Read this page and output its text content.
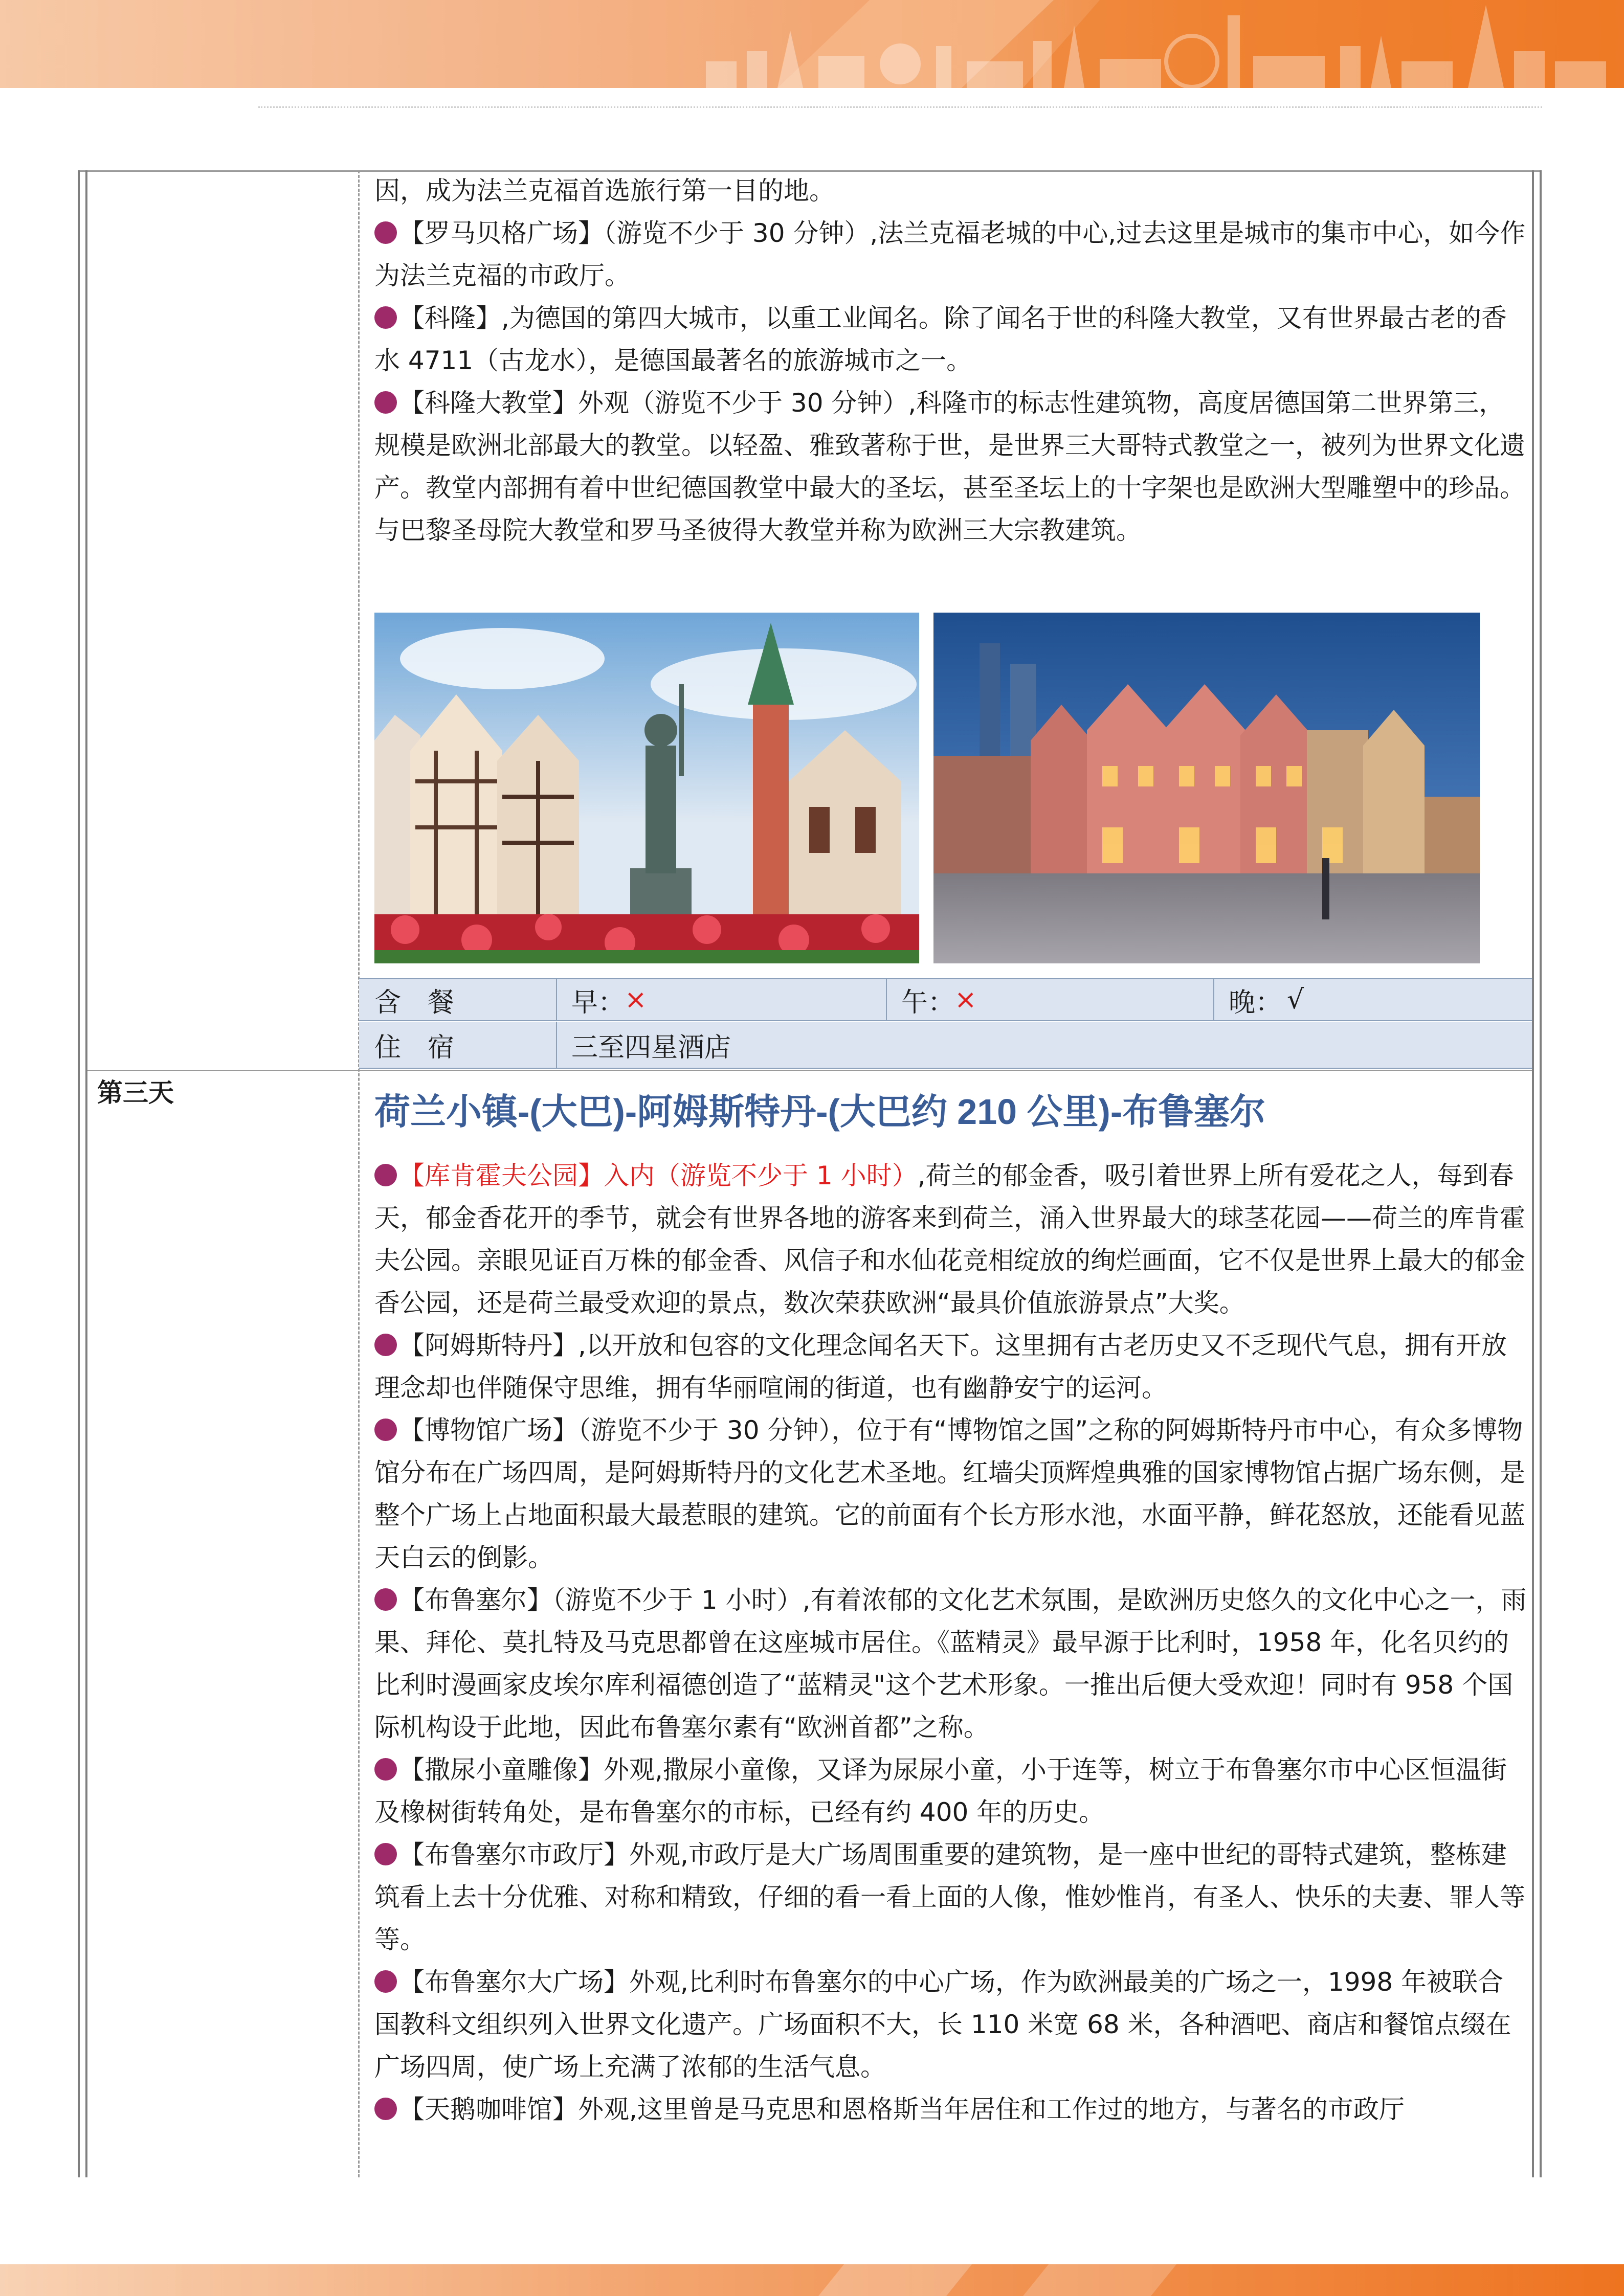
因，成为法兰克福首选旅行第一目的地。

【罗马贝格广场】（游览不少于 30 分钟）,法兰克福老城的中心,过去这里是城市的集市中心，如今作为法兰克福的市政厅。

【科隆】,为德国的第四大城市，以重工业闻名。除了闻名于世的科隆大教堂，又有世界最古老的香水 4711（古龙水），是德国最著名的旅游城市之一。

【科隆大教堂】外观（游览不少于 30 分钟）,科隆市的标志性建筑物，高度居德国第二世界第三，规模是欧洲北部最大的教堂。以轻盈、雅致著称于世，是世界三大哥特式教堂之一，被列为世界文化遗产。教堂内部拥有着中世纪德国教堂中最大的圣坛，甚至圣坛上的十字架也是欧洲大型雕塑中的珍品。与巴黎圣母院大教堂和罗马圣彼得大教堂并称为欧洲三大宗教建筑。

含　餐	早： ×	午： ×	晚： √
住　宿	三至四星酒店
第三天	荷兰小镇-(大巴)-阿姆斯特丹-(大巴约 210 公里)-布鲁塞尔

【库肯霍夫公园】入内（游览不少于 1 小时）,荷兰的郁金香，吸引着世界上所有爱花之人，每到春天，郁金香花开的季节，就会有世界各地的游客来到荷兰，涌入世界最大的球茎花园——荷兰的库肯霍夫公园。亲眼见证百万株的郁金香、风信子和水仙花竞相绽放的绚烂画面，它不仅是世界上最大的郁金香公园，还是荷兰最受欢迎的景点，数次荣获欧洲“最具价值旅游景点”大奖。

【阿姆斯特丹】,以开放和包容的文化理念闻名天下。这里拥有古老历史又不乏现代气息，拥有开放理念却也伴随保守思维，拥有华丽喧闹的街道，也有幽静安宁的运河。

【博物馆广场】（游览不少于 30 分钟），位于有“博物馆之国”之称的阿姆斯特丹市中心，有众多博物馆分布在广场四周，是阿姆斯特丹的文化艺术圣地。红墙尖顶辉煌典雅的国家博物馆占据广场东侧，是整个广场上占地面积最大最惹眼的建筑。它的前面有个长方形水池，水面平静，鲜花怒放，还能看见蓝天白云的倒影。

【布鲁塞尔】（游览不少于 1 小时）,有着浓郁的文化艺术氛围，是欧洲历史悠久的文化中心之一，雨果、拜伦、莫扎特及马克思都曾在这座城市居住。《蓝精灵》最早源于比利时，1958 年，化名贝约的比利时漫画家皮埃尔库利福德创造了“蓝精灵"这个艺术形象。一推出后便大受欢迎！同时有 958 个国际机构设于此地，因此布鲁塞尔素有“欧洲首都”之称。

【撒尿小童雕像】外观,撒尿小童像，又译为尿尿小童，小于连等，树立于布鲁塞尔市中心区恒温街及橡树街转角处，是布鲁塞尔的市标，已经有约 400 年的历史。

【布鲁塞尔市政厅】外观,市政厅是大广场周围重要的建筑物，是一座中世纪的哥特式建筑，整栋建筑看上去十分优雅、对称和精致，仔细的看一看上面的人像，惟妙惟肖，有圣人、快乐的夫妻、罪人等等。

【布鲁塞尔大广场】外观,比利时布鲁塞尔的中心广场，作为欧洲最美的广场之一，1998 年被联合国教科文组织列入世界文化遗产。广场面积不大，长 110 米宽 68 米，各种酒吧、商店和餐馆点缀在广场四周，使广场上充满了浓郁的生活气息。

【天鹅咖啡馆】外观,这里曾是马克思和恩格斯当年居住和工作过的地方，与著名的市政厅
